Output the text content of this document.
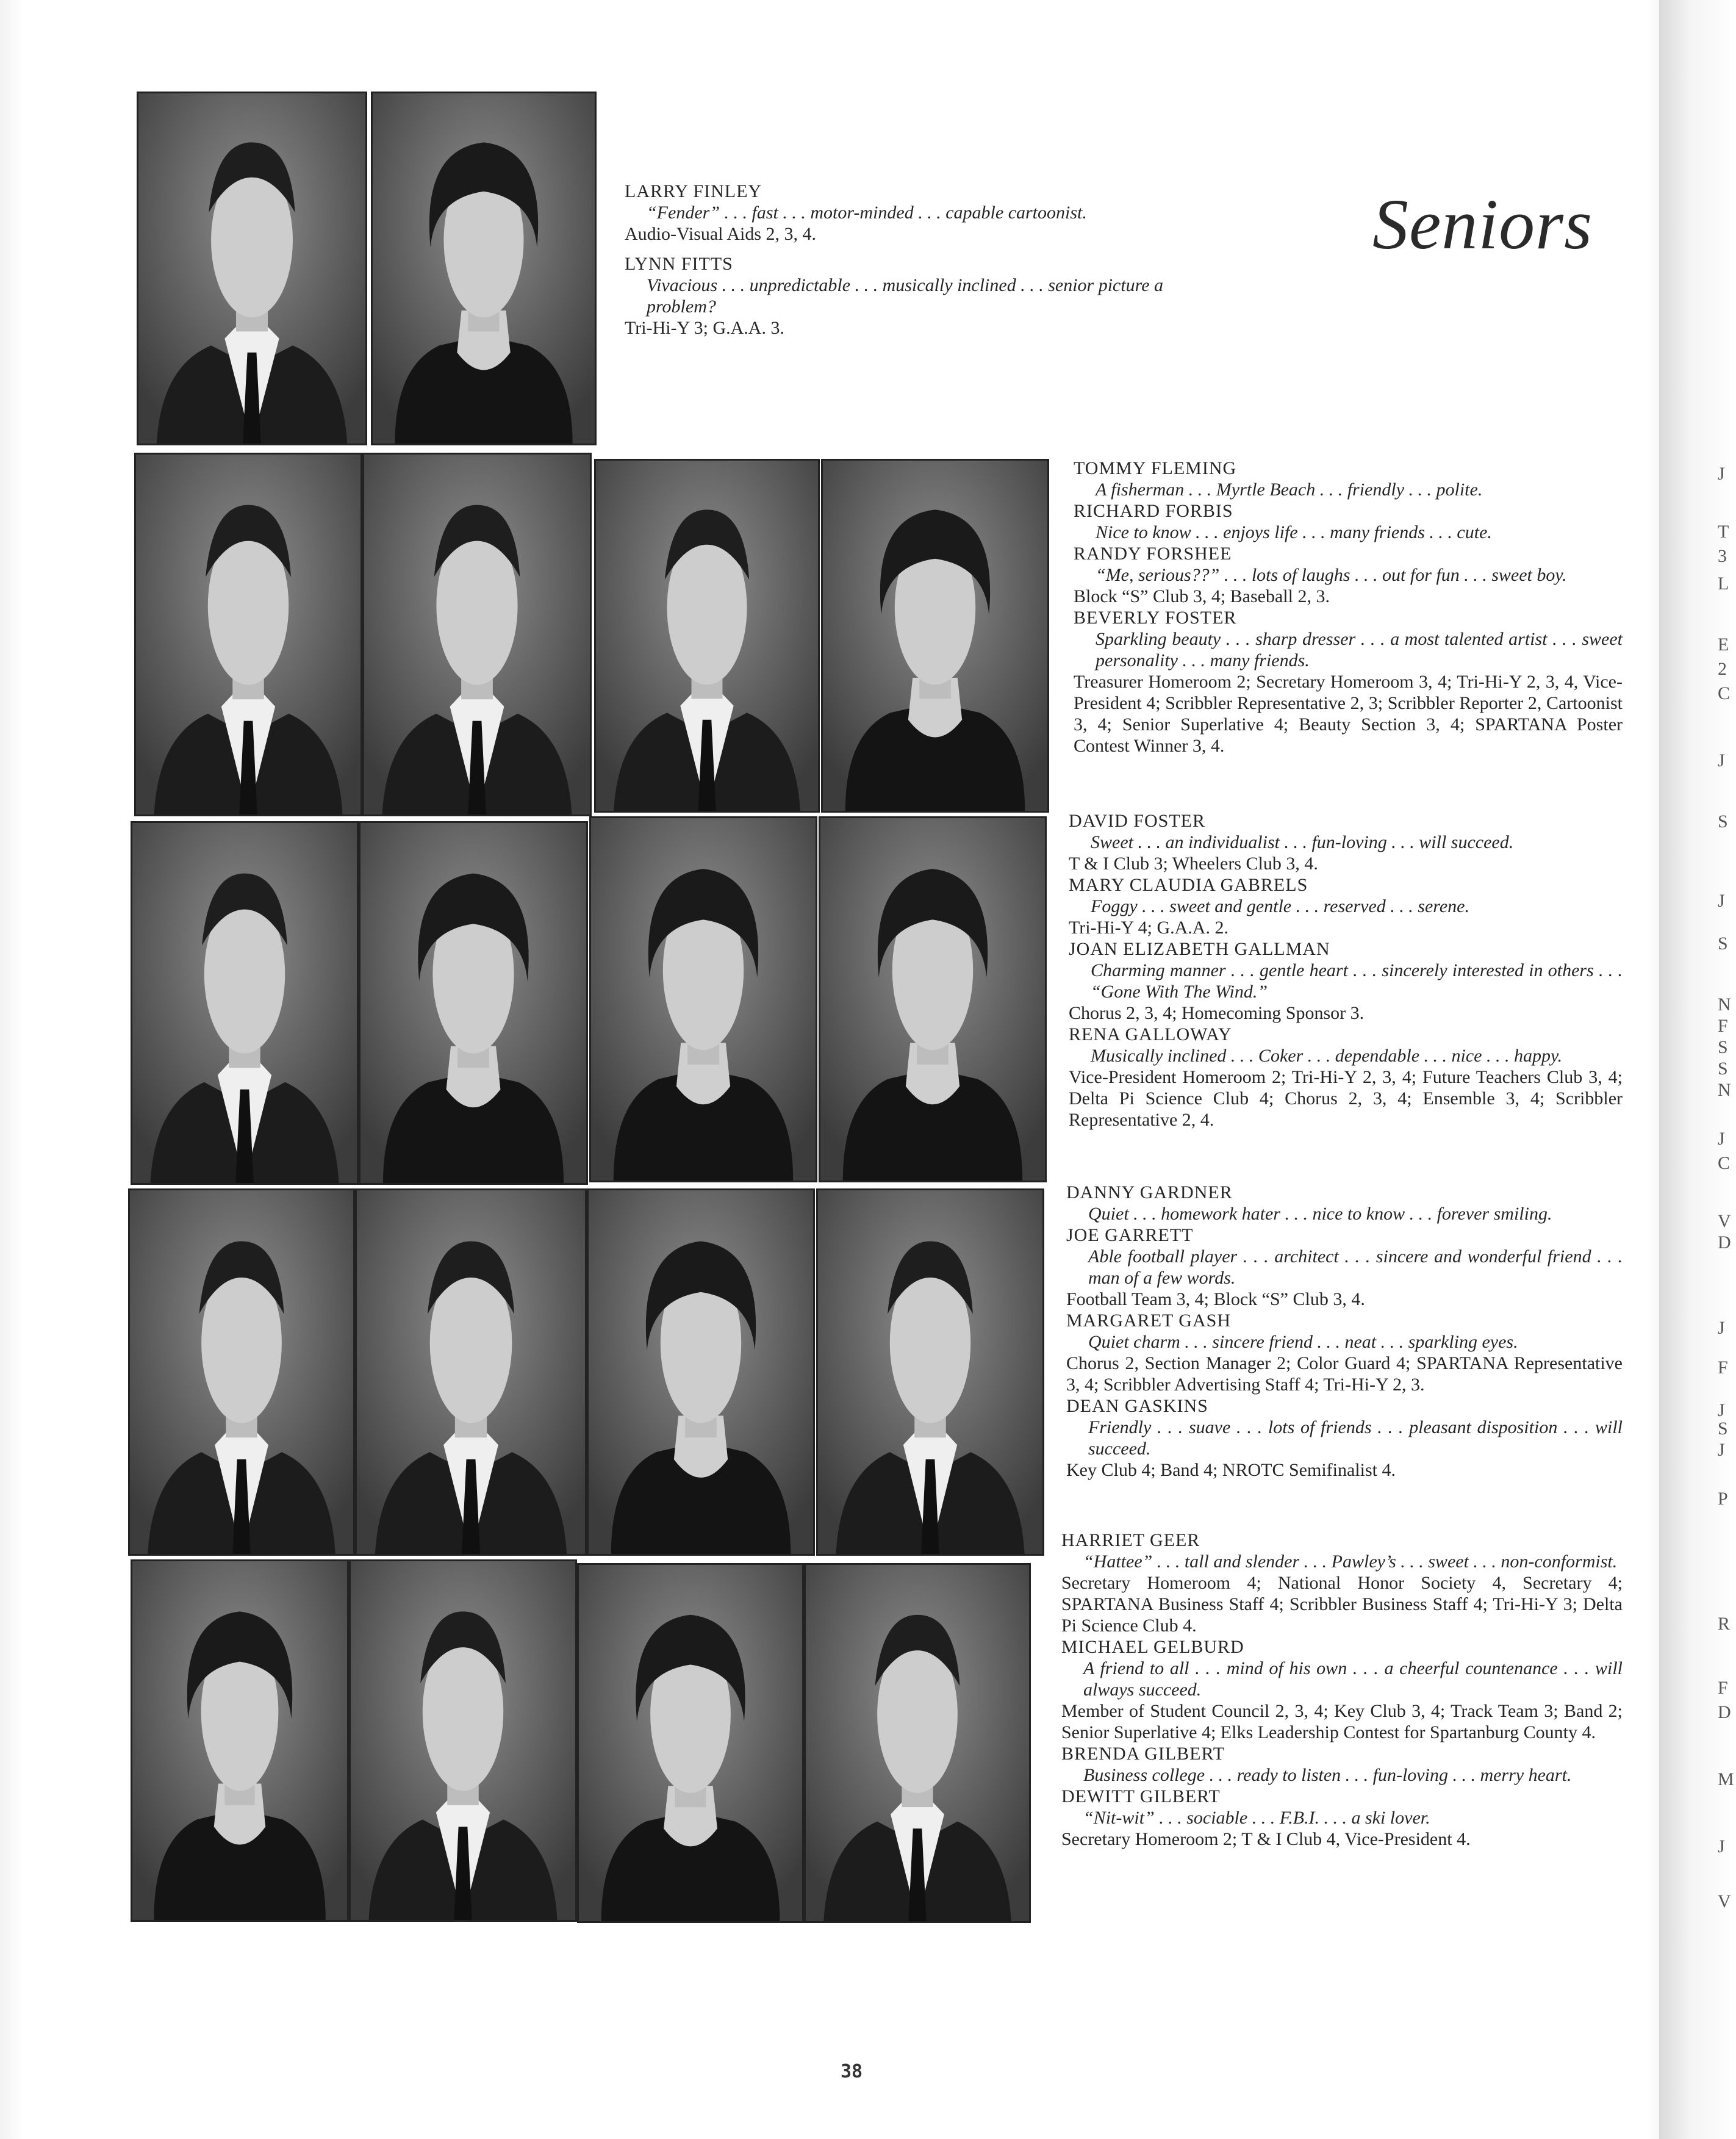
J
T
3
L
E
2
C
J
S
J
S
N
F
S
S
N
J
C
V
D
J
F
J
S
J
P
R
F
D
M
J
V
Seniors
LARRY FINLEY
“Fender” . . . fast . . . motor-minded . . . capable cartoonist.
Audio-Visual Aids 2, 3, 4.
LYNN FITTS
Vivacious . . . unpredictable . . . musically inclined . . . senior picture a problem?
Tri-Hi-Y 3; G.A.A. 3.
TOMMY FLEMING
A fisherman . . . Myrtle Beach . . . friendly . . . polite.
RICHARD FORBIS
Nice to know . . . enjoys life . . . many friends . . . cute.
RANDY FORSHEE
“Me, serious??” . . . lots of laughs . . . out for fun . . . sweet boy.
Block “S” Club 3, 4; Baseball 2, 3.
BEVERLY FOSTER
Sparkling beauty . . . sharp dresser . . . a most talented artist . . . sweet personality . . . many friends.
Treasurer Homeroom 2; Secretary Homeroom 3, 4; Tri-Hi-Y 2, 3, 4, Vice-President 4; Scribbler Representative 2, 3; Scribbler Reporter 2, Cartoonist 3, 4; Senior Superlative 4; Beauty Section 3, 4; SPARTANA Poster Contest Winner 3, 4.
DAVID FOSTER
Sweet . . . an individualist . . . fun-loving . . . will succeed.
T & I Club 3; Wheelers Club 3, 4.
MARY CLAUDIA GABRELS
Foggy . . . sweet and gentle . . . reserved . . . serene.
Tri-Hi-Y 4; G.A.A. 2.
JOAN ELIZABETH GALLMAN
Charming manner . . . gentle heart . . . sincerely interested in others . . . “Gone With The Wind.”
Chorus 2, 3, 4; Homecoming Sponsor 3.
RENA GALLOWAY
Musically inclined . . . Coker . . . dependable . . . nice . . . happy.
Vice-President Homeroom 2; Tri-Hi-Y 2, 3, 4; Future Teachers Club 3, 4; Delta Pi Science Club 4; Chorus 2, 3, 4; Ensemble 3, 4; Scribbler Representative 2, 4.
DANNY GARDNER
Quiet . . . homework hater . . . nice to know . . . forever smiling.
JOE GARRETT
Able football player . . . architect . . . sincere and wonderful friend . . . man of a few words.
Football Team 3, 4; Block “S” Club 3, 4.
MARGARET GASH
Quiet charm . . . sincere friend . . . neat . . . sparkling eyes.
Chorus 2, Section Manager 2; Color Guard 4; SPARTANA Representative 3, 4; Scribbler Advertising Staff 4; Tri-Hi-Y 2, 3.
DEAN GASKINS
Friendly . . . suave . . . lots of friends . . . pleasant disposition . . . will succeed.
Key Club 4; Band 4; NROTC Semifinalist 4.
HARRIET GEER
“Hattee” . . . tall and slender . . . Pawley’s . . . sweet . . . non-conformist.
Secretary Homeroom 4; National Honor Society 4, Secretary 4; SPARTANA Business Staff 4; Scribbler Business Staff 4; Tri-Hi-Y 3; Delta Pi Science Club 4.
MICHAEL GELBURD
A friend to all . . . mind of his own . . . a cheerful countenance . . . will always succeed.
Member of Student Council 2, 3, 4; Key Club 3, 4; Track Team 3; Band 2; Senior Superlative 4; Elks Leadership Contest for Spartanburg County 4.
BRENDA GILBERT
Business college . . . ready to listen . . . fun-loving . . . merry heart.
DEWITT GILBERT
“Nit-wit” . . . sociable . . . F.B.I. . . . a ski lover.
Secretary Homeroom 2; T & I Club 4, Vice-President 4.
38
